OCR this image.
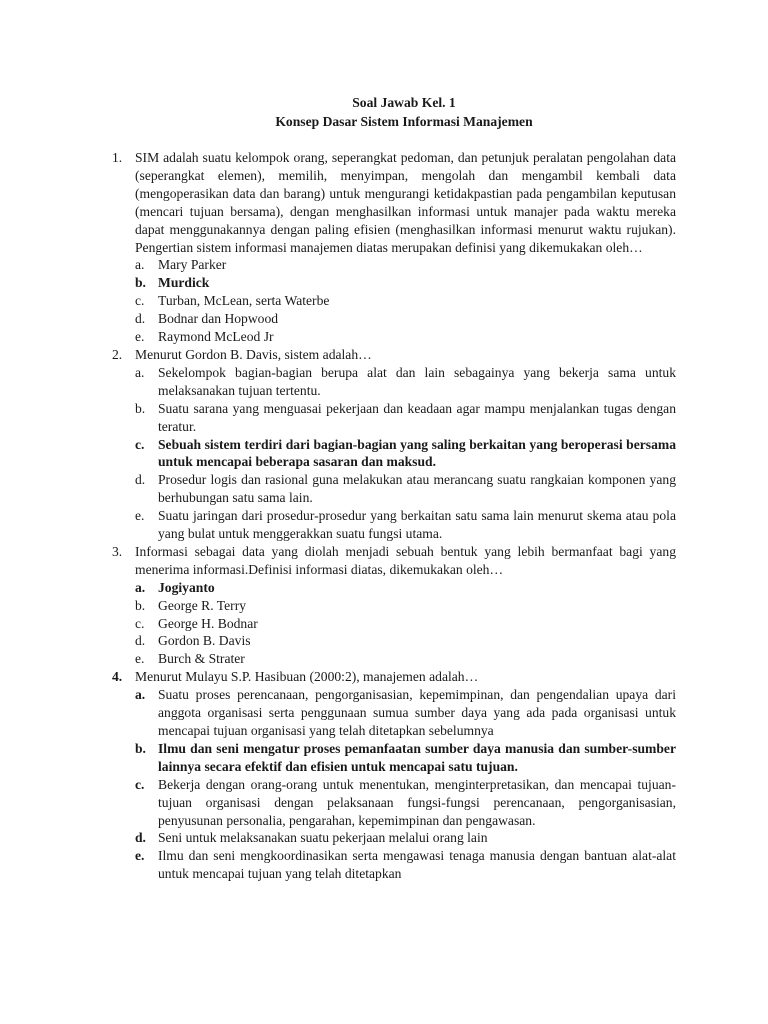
Soal Jawab Kel. 1
Konsep Dasar Sistem Informasi Manajemen
1. SIM adalah suatu kelompok orang, seperangkat pedoman, dan petunjuk peralatan pengolahan data (seperangkat elemen), memilih, menyimpan, mengolah dan mengambil kembali data (mengoperasikan data dan barang) untuk mengurangi ketidakpastian pada pengambilan keputusan (mencari tujuan bersama), dengan menghasilkan informasi untuk manajer pada waktu mereka dapat menggunakannya dengan paling efisien (menghasilkan informasi menurut waktu rujukan). Pengertian sistem informasi manajemen diatas merupakan definisi yang dikemukakan oleh…
a. Mary Parker
b. Murdick
c. Turban, McLean, serta Waterbe
d. Bodnar dan Hopwood
e. Raymond McLeod Jr
2. Menurut Gordon B. Davis, sistem adalah…
a. Sekelompok bagian-bagian berupa alat dan lain sebagainya yang bekerja sama untuk melaksanakan tujuan tertentu.
b. Suatu sarana yang menguasai pekerjaan dan keadaan agar mampu menjalankan tugas dengan teratur.
c. Sebuah sistem terdiri dari bagian-bagian yang saling berkaitan yang beroperasi bersama untuk mencapai beberapa sasaran dan maksud.
d. Prosedur logis dan rasional guna melakukan atau merancang suatu rangkaian komponen yang berhubungan satu sama lain.
e. Suatu jaringan dari prosedur-prosedur yang berkaitan satu sama lain menurut skema atau pola yang bulat untuk menggerakkan suatu fungsi utama.
3. Informasi sebagai data yang diolah menjadi sebuah bentuk yang lebih bermanfaat bagi yang menerima informasi.Definisi informasi diatas, dikemukakan oleh…
a. Jogiyanto
b. George R. Terry
c. George H. Bodnar
d. Gordon B. Davis
e. Burch & Strater
4. Menurut Mulayu S.P. Hasibuan (2000:2), manajemen adalah…
a. Suatu proses perencanaan, pengorganisasian, kepemimpinan, dan pengendalian upaya dari anggota organisasi serta penggunaan sumua sumber daya yang ada pada organisasi untuk mencapai tujuan organisasi yang telah ditetapkan sebelumnya
b. Ilmu dan seni mengatur proses pemanfaatan sumber daya manusia dan sumber-sumber lainnya secara efektif dan efisien untuk mencapai satu tujuan.
c. Bekerja dengan orang-orang untuk menentukan, menginterpretasikan, dan mencapai tujuan-tujuan organisasi dengan pelaksanaan fungsi-fungsi perencanaan, pengorganisasian, penyusunan personalia, pengarahan, kepemimpinan dan pengawasan.
d. Seni untuk melaksanakan suatu pekerjaan melalui orang lain
e. Ilmu dan seni mengkoordinasikan serta mengawasi tenaga manusia dengan bantuan alat-alat untuk mencapai tujuan yang telah ditetapkan
